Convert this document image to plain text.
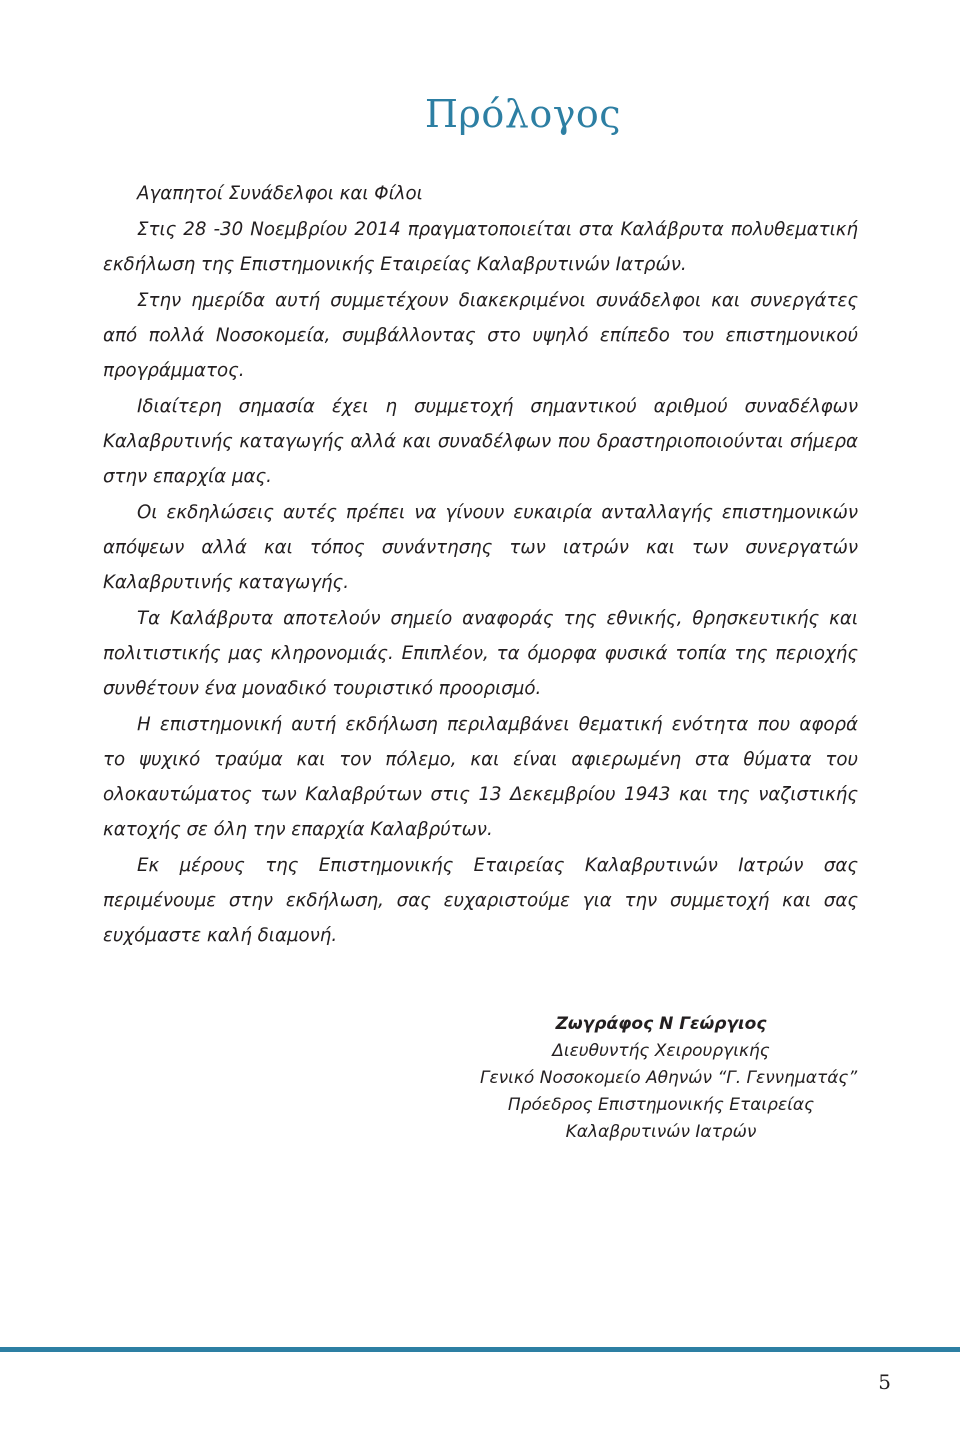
Πρόλογος

Αγαπητοί Συνάδελφοι και Φίλοι

Στις 28 -30 Νοεμβρίου 2014 πραγματοποιείται στα Καλάβρυτα πολυθεματική εκδήλωση της Επιστημονικής Εταιρείας Καλαβρυτινών Ιατρών.

Στην ημερίδα αυτή συμμετέχουν διακεκριμένοι συνάδελφοι και συνεργάτες από πολλά Νοσοκομεία, συμβάλλοντας στο υψηλό επίπεδο του επιστημονικού προγράμματος.

Ιδιαίτερη σημασία έχει η συμμετοχή σημαντικού αριθμού συναδέλφων Καλαβρυτινής καταγωγής αλλά και συναδέλφων που δραστηριοποιούνται σήμερα στην επαρχία μας.

Οι εκδηλώσεις αυτές πρέπει να γίνουν ευκαιρία ανταλλαγής επιστημονικών απόψεων αλλά και τόπος συνάντησης των ιατρών και των συνεργατών Καλαβρυτινής καταγωγής.

Τα Καλάβρυτα αποτελούν σημείο αναφοράς της εθνικής, θρησκευτικής και πολιτιστικής μας κληρονομιάς. Επιπλέον, τα όμορφα φυσικά τοπία της περιοχής συνθέτουν ένα μοναδικό τουριστικό προορισμό.

Η επιστημονική αυτή εκδήλωση περιλαμβάνει θεματική ενότητα που αφορά το ψυχικό τραύμα και τον πόλεμο, και είναι αφιερωμένη στα θύματα του ολοκαυτώματος των Καλαβρύτων στις 13 Δεκεμβρίου 1943 και της ναζιστικής κατοχής σε όλη την επαρχία Καλαβρύτων.

Εκ μέρους της Επιστημονικής Εταιρείας Καλαβρυτινών Ιατρών σας περιμένουμε στην εκδήλωση, σας ευχαριστούμε για την συμμετοχή και σας ευχόμαστε καλή διαμονή.

Ζωγράφος Ν Γεώργιος
Διευθυντής Χειρουργικής
Γενικό Νοσοκομείο Αθηνών “Γ. Γεννηματάς”
Πρόεδρος Επιστημονικής Εταιρείας
Καλαβρυτινών Ιατρών
5
